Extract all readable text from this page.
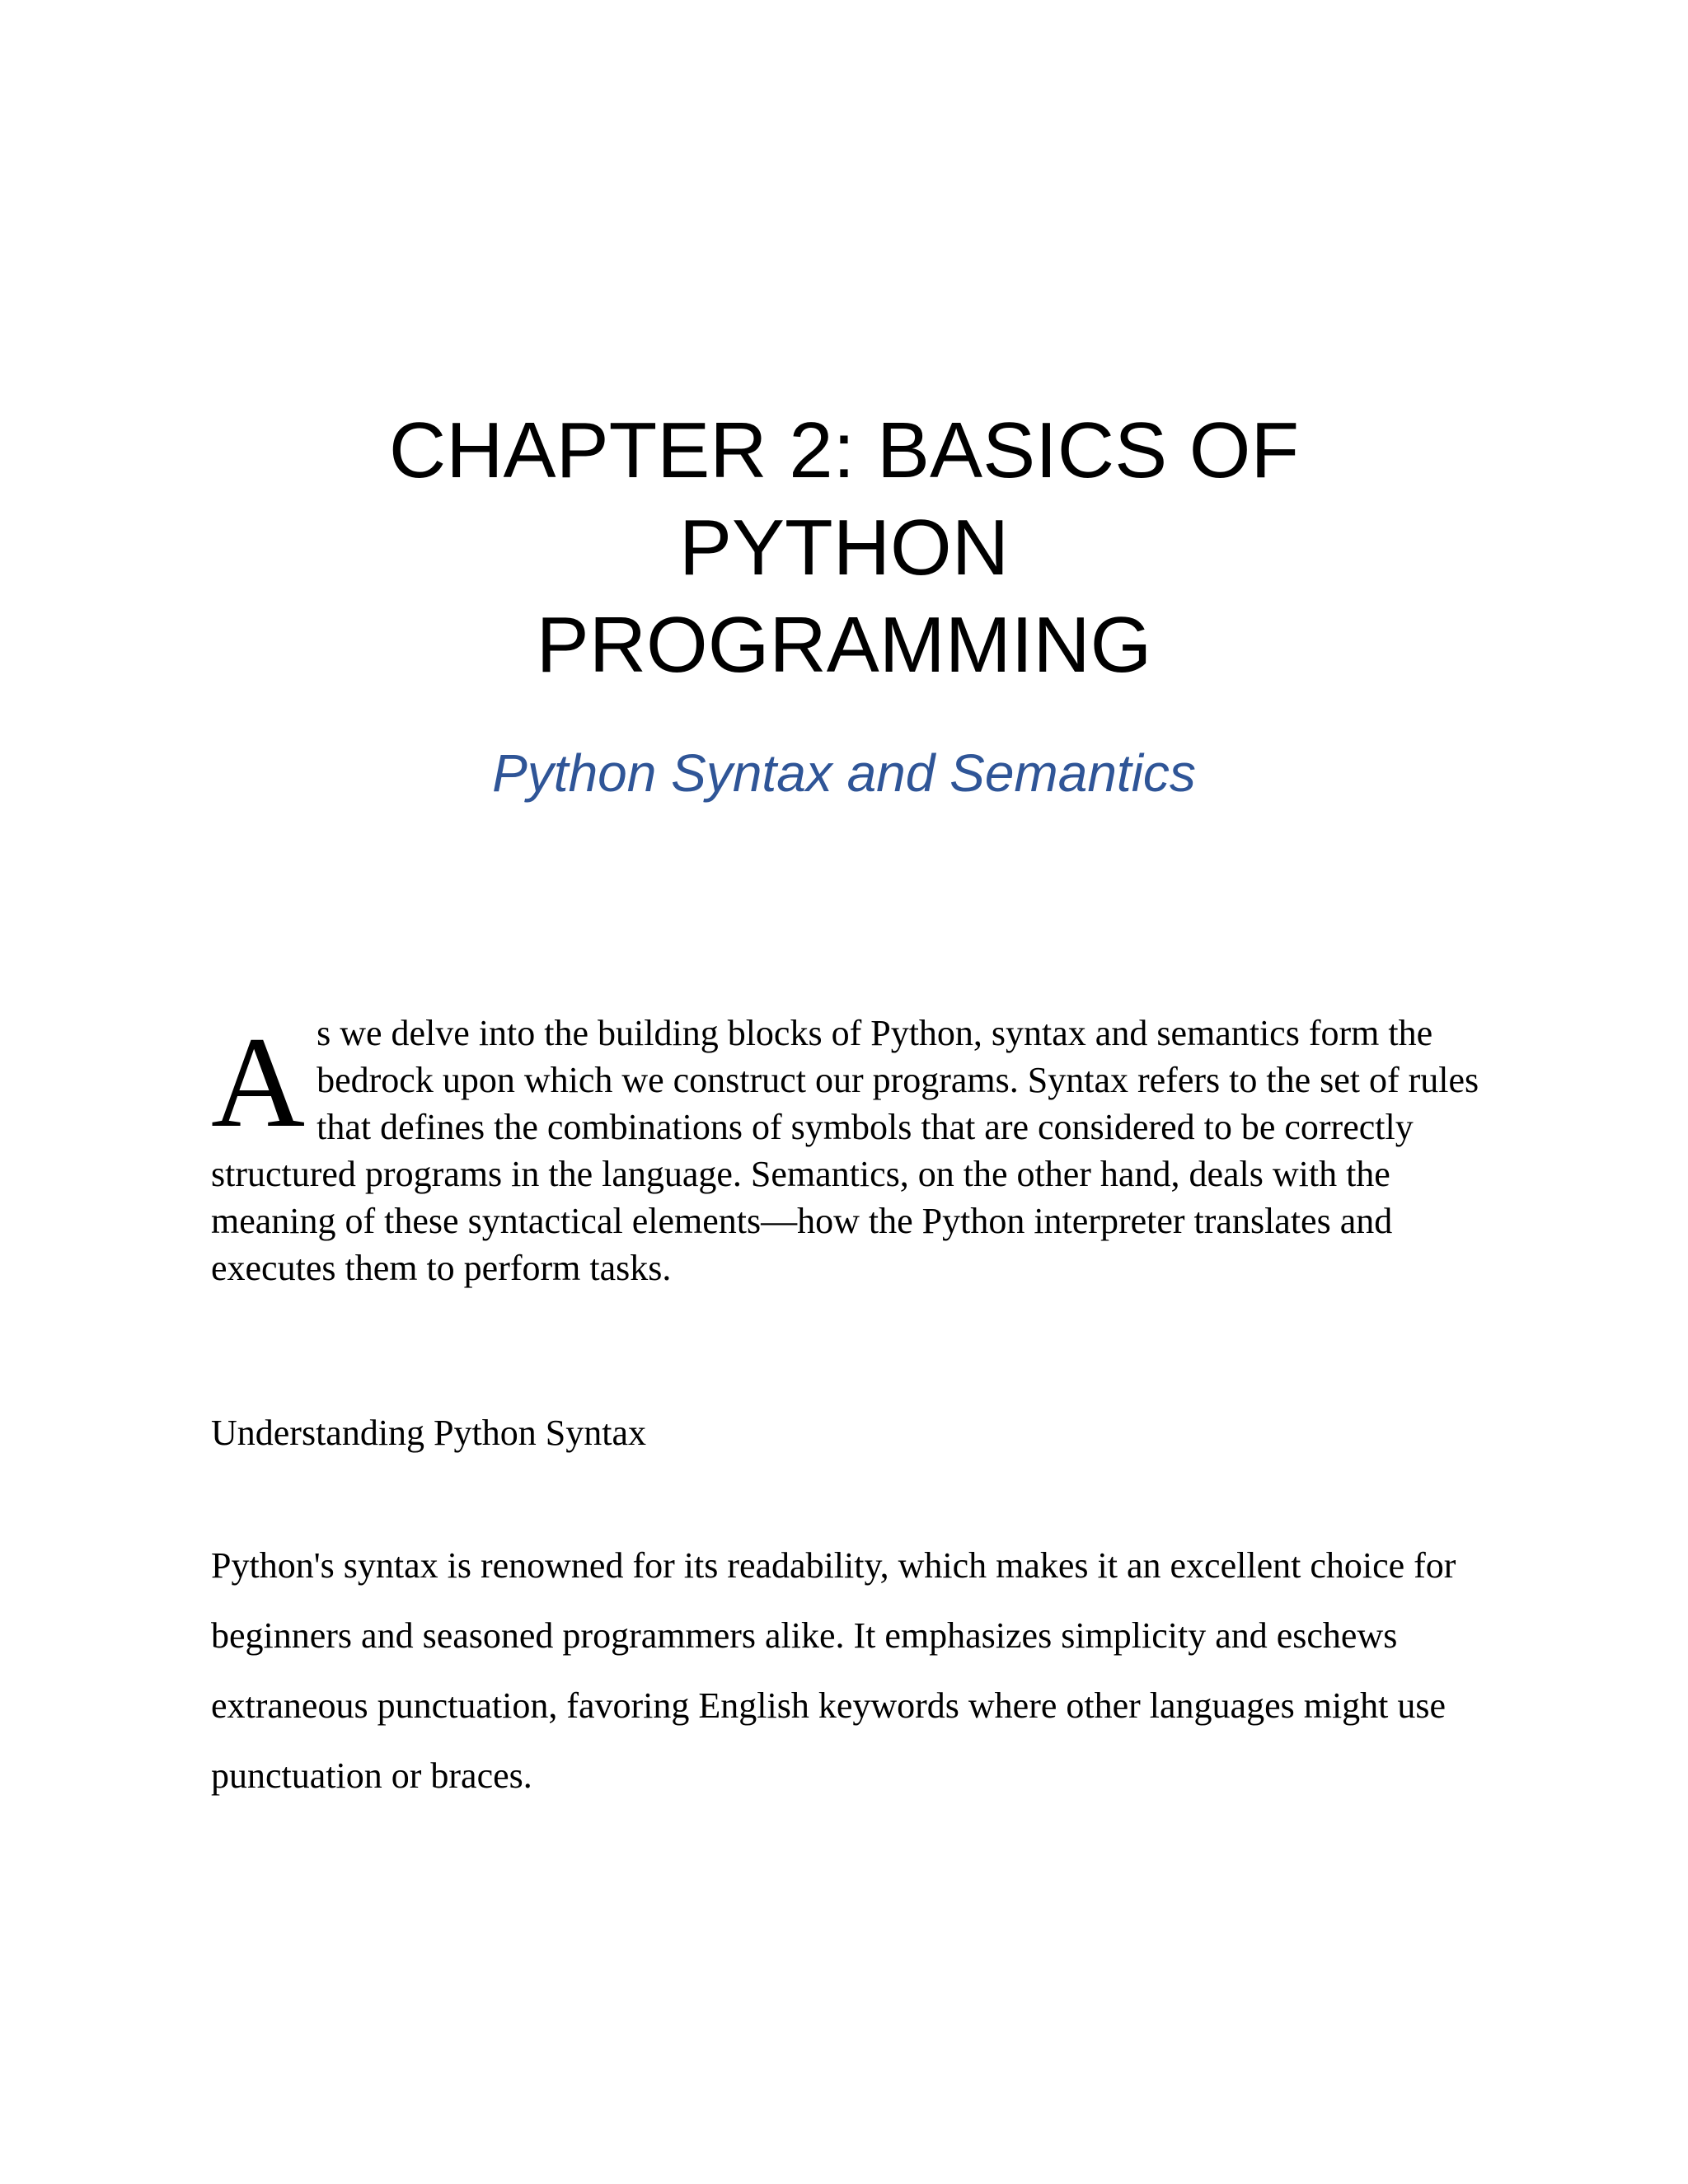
CHAPTER 2: BASICS OF
PYTHON
PROGRAMMING
Python Syntax and Semantics

As we delve into the building blocks of Python, syntax and semantics form the bedrock upon which we construct our programs. Syntax refers to the set of rules that defines the combinations of symbols that are considered to be correctly structured programs in the language. Semantics, on the other hand, deals with the meaning of these syntactical elements—how the Python interpreter translates and executes them to perform tasks.

Understanding Python Syntax

Python's syntax is renowned for its readability, which makes it an excellent choice for beginners and seasoned programmers alike. It emphasizes simplicity and eschews extraneous punctuation, favoring English keywords where other languages might use punctuation or braces.
